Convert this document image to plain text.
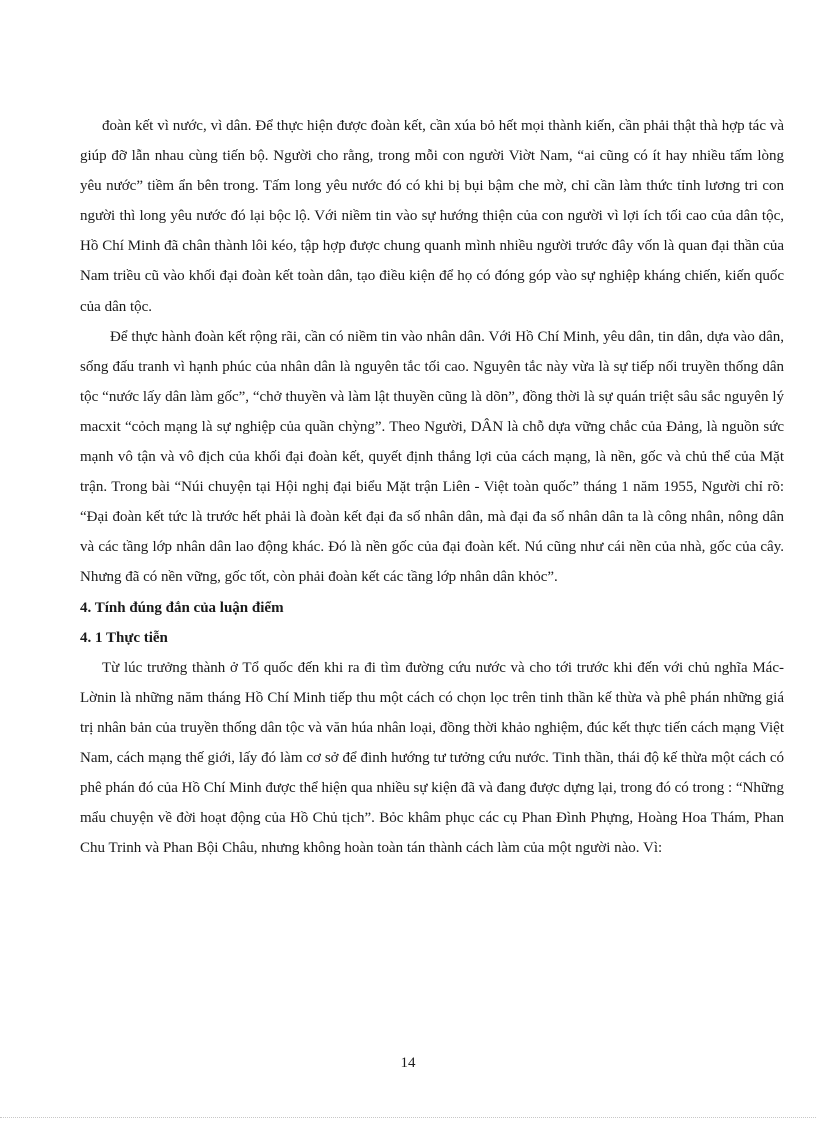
đoàn kết vì nước, vì dân. Để thực hiện được đoàn kết, cần xúa bỏ hết mọi thành kiến, cần phải thật thà hợp tác và giúp đỡ lẫn nhau cùng tiến bộ. Người cho rằng, trong mỗi con người Viờt Nam, “ai cũng có ít hay nhiều tấm lòng yêu nước” tiềm ẩn bên trong. Tấm long yêu nước đó có khi bị bụi bậm che mờ, chỉ cần làm thức tỉnh lương tri con người thì long yêu nước đó lại bộc lộ. Với niềm tin vào sự hướng thiện của con người vì lợi ích tối cao của dân tộc, Hồ Chí Minh đã chân thành lôi kéo, tập hợp được chung quanh mình nhiều người trước đây vốn là quan đại thần của Nam triều cũ vào khối đại đoàn kết toàn dân, tạo điều kiện để họ có đóng góp vào sự nghiệp kháng chiến, kiến quốc của dân tộc.

Để thực hành đoàn kết rộng rãi, cần có niềm tin vào nhân dân. Với Hồ Chí Minh, yêu dân, tin dân, dựa vào dân, sống đấu tranh vì hạnh phúc của nhân dân là nguyên tắc tối cao. Nguyên tắc này vừa là sự tiếp nối truyền thống dân tộc “nước lấy dân làm gốc”, “chở thuyền và làm lật thuyền cũng là dõn”, đồng thời là sự quán triệt sâu sắc nguyên lý macxit “cỏch mạng là sự nghiệp của quần chỳng”. Theo Người, DÂN là chỗ dựa vững chắc của Đảng, là nguồn sức mạnh vô tận và vô địch của khối đại đoàn kết, quyết định thắng lợi của cách mạng, là nền, gốc và chủ thể của Mặt trận. Trong bài “Núi chuyện tại Hội nghị đại biểu Mặt trận Liên - Việt toàn quốc” tháng 1 năm 1955, Người chỉ rõ: “Đại đoàn kết tức là trước hết phải là đoàn kết đại đa số nhân dân, mà đại đa số nhân dân ta là công nhân, nông dân và các tầng lớp nhân dân lao động khác. Đó là nền gốc của đại đoàn kết. Nú cũng như cái nền của nhà, gốc của cây. Nhưng đã có nền vững, gốc tốt, còn phải đoàn kết các tầng lớp nhân dân khỏc”.

4. Tính đúng đắn của luận điểm

4. 1 Thực tiễn

Từ lúc trưởng thành ở Tổ quốc đến khi ra đi tìm đường cứu nước và cho tới trước khi đến với chủ nghĩa Mác- Lờnin là những năm tháng Hồ Chí Minh tiếp thu một cách có chọn lọc trên tinh thần kế thừa và phê phán những giá trị nhân bản của truyền thống dân tộc và văn húa nhân loại, đồng thời khảo nghiệm, đúc kết thực tiến cách mạng Việt Nam, cách mạng thế giới, lấy đó làm cơ sở để đinh hướng tư tưởng cứu nước. Tinh thần, thái độ kế thừa một cách có phê phán đó của Hồ Chí Minh được thể hiện qua nhiều sự kiện đã và đang được dựng lại, trong đó có trong : “Những mẩu chuyện về đời hoạt động của Hồ Chủ tịch”. Bỏc khâm phục các cụ Phan Đình Phựng, Hoàng Hoa Thám, Phan Chu Trinh và Phan Bội Châu, nhưng không hoàn toàn tán thành cách làm của một người nào. Vì:

14
